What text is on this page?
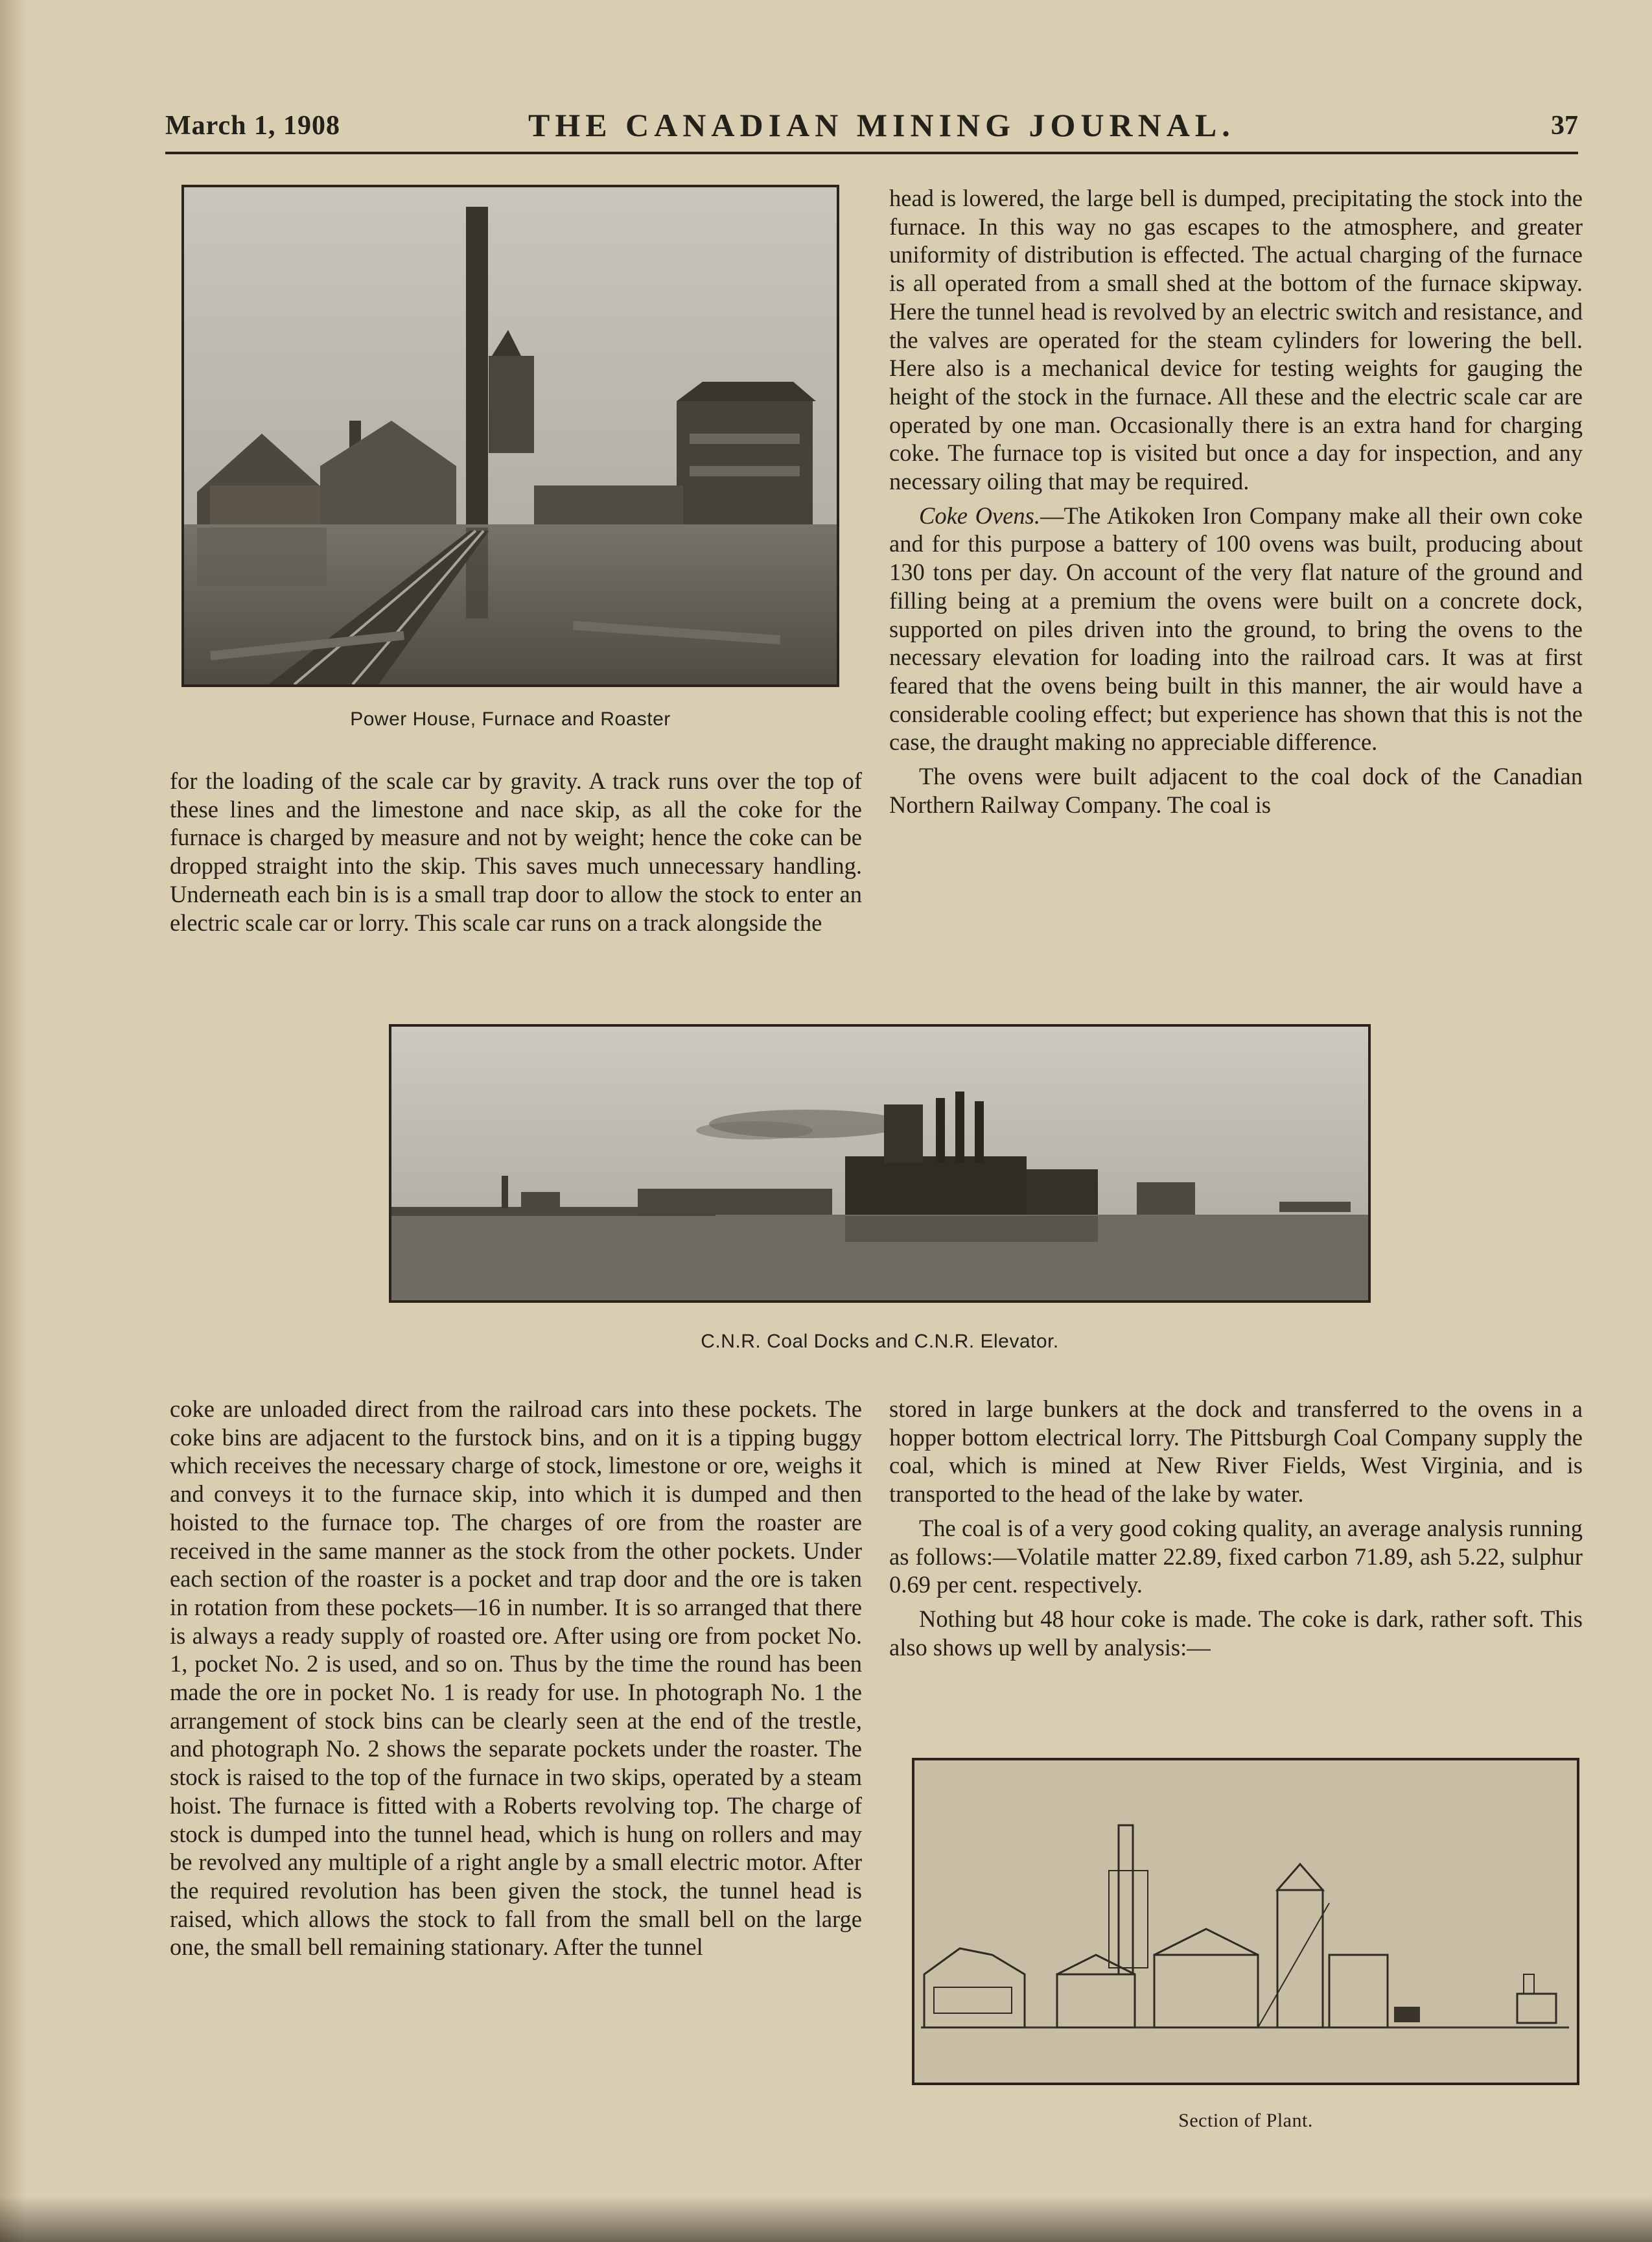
March 1, 1908	THE CANADIAN MINING JOURNAL.	37
Power House, Furnace and Roaster

for the loading of the scale car by gravity. A track runs over the top of these lines and the limestone and nace skip, as all the coke for the furnace is charged by measure and not by weight; hence the coke can be dropped straight into the skip. This saves much unnecessary handling. Underneath each bin is is a small trap door to allow the stock to enter an electric scale car or lorry. This scale car runs on a track alongside the

head is lowered, the large bell is dumped, precipitating the stock into the furnace. In this way no gas escapes to the atmosphere, and greater uniformity of distribution is effected. The actual charging of the furnace is all operated from a small shed at the bottom of the furnace skipway. Here the tunnel head is revolved by an electric switch and resistance, and the valves are operated for the steam cylinders for lowering the bell. Here also is a mechanical device for testing weights for gauging the height of the stock in the furnace. All these and the electric scale car are operated by one man. Occasionally there is an extra hand for charging coke. The furnace top is visited but once a day for inspection, and any necessary oiling that may be required.

Coke Ovens.—The Atikoken Iron Company make all their own coke and for this purpose a battery of 100 ovens was built, producing about 130 tons per day. On account of the very flat nature of the ground and filling being at a premium the ovens were built on a concrete dock, supported on piles driven into the ground, to bring the ovens to the necessary elevation for loading into the railroad cars. It was at first feared that the ovens being built in this manner, the air would have a considerable cooling effect; but experience has shown that this is not the case, the draught making no appreciable difference.

The ovens were built adjacent to the coal dock of the Canadian Northern Railway Company. The coal is

C.N.R. Coal Docks and C.N.R. Elevator.

coke are unloaded direct from the railroad cars into these pockets. The coke bins are adjacent to the furstock bins, and on it is a tipping buggy which receives the necessary charge of stock, limestone or ore, weighs it and conveys it to the furnace skip, into which it is dumped and then hoisted to the furnace top. The charges of ore from the roaster are received in the same manner as the stock from the other pockets. Under each section of the roaster is a pocket and trap door and the ore is taken in rotation from these pockets—16 in number. It is so arranged that there is always a ready supply of roasted ore. After using ore from pocket No. 1, pocket No. 2 is used, and so on. Thus by the time the round has been made the ore in pocket No. 1 is ready for use. In photograph No. 1 the arrangement of stock bins can be clearly seen at the end of the trestle, and photograph No. 2 shows the separate pockets under the roaster. The stock is raised to the top of the furnace in two skips, operated by a steam hoist. The furnace is fitted with a Roberts revolving top. The charge of stock is dumped into the tunnel head, which is hung on rollers and may be revolved any multiple of a right angle by a small electric motor. After the required revolution has been given the stock, the tunnel head is raised, which allows the stock to fall from the small bell on the large one, the small bell remaining stationary. After the tunnel

stored in large bunkers at the dock and transferred to the ovens in a hopper bottom electrical lorry. The Pittsburgh Coal Company supply the coal, which is mined at New River Fields, West Virginia, and is transported to the head of the lake by water.

The coal is of a very good coking quality, an average analysis running as follows:—Volatile matter 22.89, fixed carbon 71.89, ash 5.22, sulphur 0.69 per cent. respectively.

Nothing but 48 hour coke is made. The coke is dark, rather soft. This also shows up well by analysis:—

Section of Plant.
